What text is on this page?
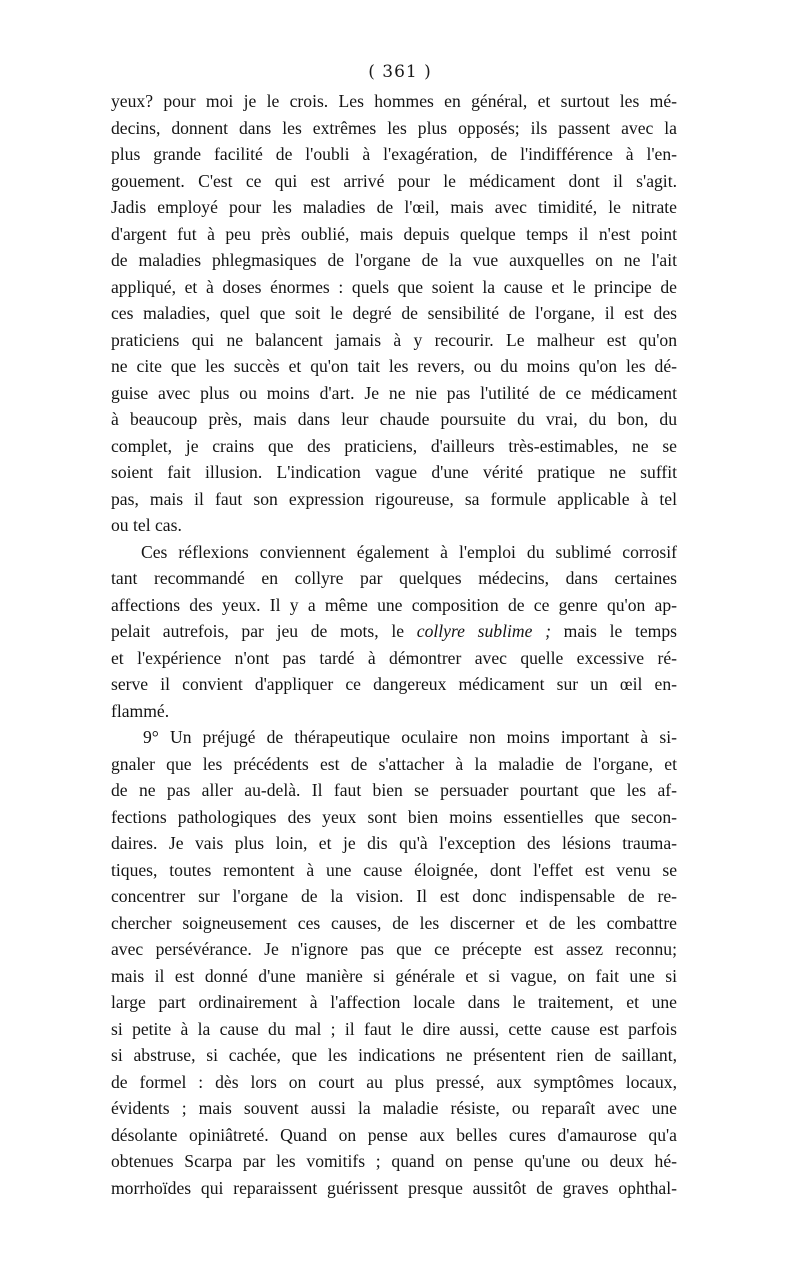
( 361 )
yeux? pour moi je le crois. Les hommes en général, et surtout les mé-
decins, donnent dans les extrêmes les plus opposés; ils passent avec la
plus grande facilité de l'oubli à l'exagération, de l'indifférence à l'en-
gouement. C'est ce qui est arrivé pour le médicament dont il s'agit.
Jadis employé pour les maladies de l'œil, mais avec timidité, le nitrate
d'argent fut à peu près oublié, mais depuis quelque temps il n'est point
de maladies phlegmasiques de l'organe de la vue auxquelles on ne l'ait
appliqué, et à doses énormes : quels que soient la cause et le principe de
ces maladies, quel que soit le degré de sensibilité de l'organe, il est des
praticiens qui ne balancent jamais à y recourir. Le malheur est qu'on
ne cite que les succès et qu'on tait les revers, ou du moins qu'on les dé-
guise avec plus ou moins d'art. Je ne nie pas l'utilité de ce médicament
à beaucoup près, mais dans leur chaude poursuite du vrai, du bon, du
complet, je crains que des praticiens, d'ailleurs très-estimables, ne se
soient fait illusion. L'indication vague d'une vérité pratique ne suffit
pas, mais il faut son expression rigoureuse, sa formule applicable à tel
ou tel cas.
Ces réflexions conviennent également à l'emploi du sublimé corrosif
tant recommandé en collyre par quelques médecins, dans certaines
affections des yeux. Il y a même une composition de ce genre qu'on ap-
pelait autrefois, par jeu de mots, le collyre sublime ; mais le temps
et l'expérience n'ont pas tardé à démontrer avec quelle excessive ré-
serve il convient d'appliquer ce dangereux médicament sur un œil en-
flammé.
9° Un préjugé de thérapeutique oculaire non moins important à si-
gnaler que les précédents est de s'attacher à la maladie de l'organe, et
de ne pas aller au-delà. Il faut bien se persuader pourtant que les af-
fections pathologiques des yeux sont bien moins essentielles que secon-
daires. Je vais plus loin, et je dis qu'à l'exception des lésions trauma-
tiques, toutes remontent à une cause éloignée, dont l'effet est venu se
concentrer sur l'organe de la vision. Il est donc indispensable de re-
chercher soigneusement ces causes, de les discerner et de les combattre
avec persévérance. Je n'ignore pas que ce précepte est assez reconnu;
mais il est donné d'une manière si générale et si vague, on fait une si
large part ordinairement à l'affection locale dans le traitement, et une
si petite à la cause du mal ; il faut le dire aussi, cette cause est parfois
si abstruse, si cachée, que les indications ne présentent rien de saillant,
de formel : dès lors on court au plus pressé, aux symptômes locaux,
évidents ; mais souvent aussi la maladie résiste, ou reparaît avec une
désolante opiniâtreté. Quand on pense aux belles cures d'amaurose qu'a
obtenues Scarpa par les vomitifs ; quand on pense qu'une ou deux hé-
morrhoïdes qui reparaissent guérissent presque aussitôt de graves ophthal-
